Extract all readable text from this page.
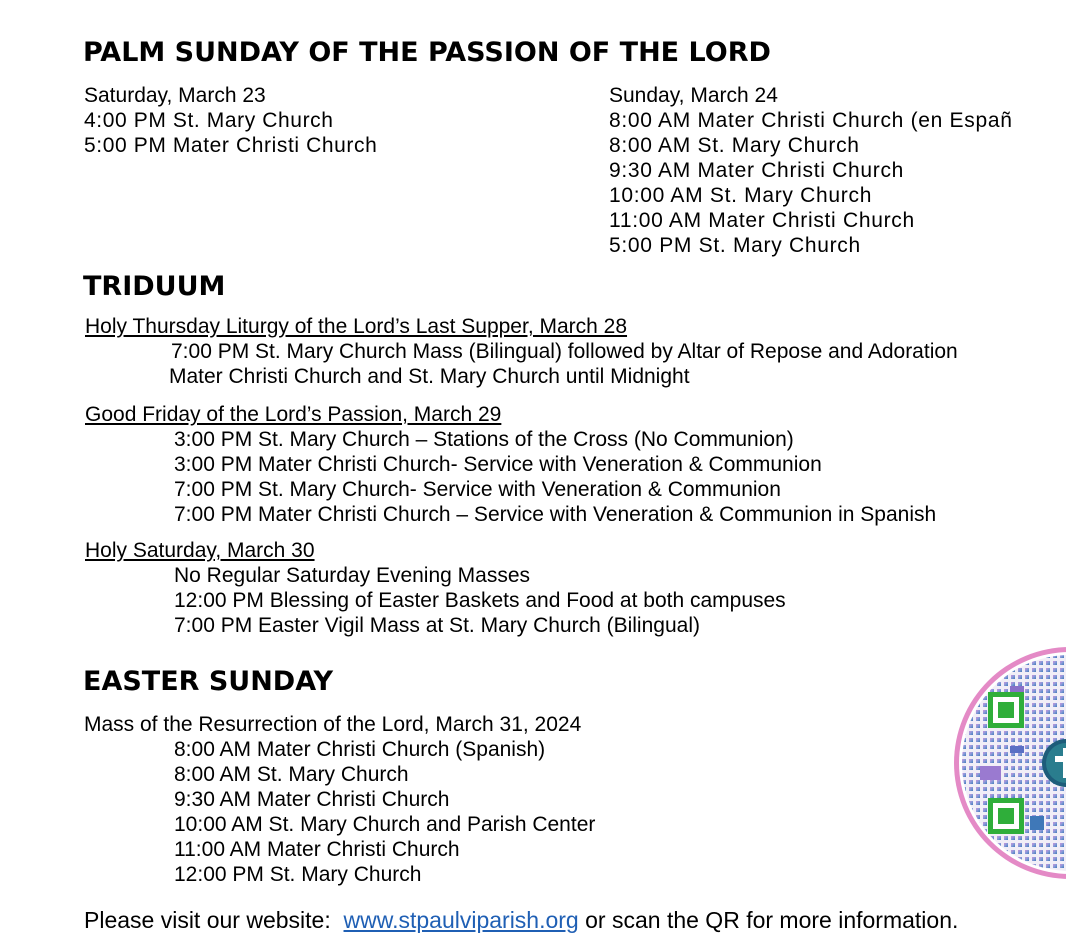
PALM SUNDAY OF THE PASSION OF THE LORD
Saturday, March 23
4:00 PM St. Mary Church
5:00 PM Mater Christi Church
Sunday, March 24
8:00 AM Mater Christi Church (en Españ
8:00 AM St. Mary Church
9:30 AM Mater Christi Church
10:00 AM St. Mary Church
11:00 AM Mater Christi Church
5:00 PM St. Mary Church
TRIDUUM
Holy Thursday Liturgy of the Lord’s Last Supper, March 28
7:00 PM St. Mary Church Mass (Bilingual) followed by Altar of Repose and Adoration
Mater Christi Church and St. Mary Church until Midnight
Good Friday of the Lord’s Passion, March 29
3:00 PM St. Mary Church – Stations of the Cross (No Communion)
3:00 PM Mater Christi Church- Service with Veneration & Communion
7:00 PM St. Mary Church- Service with Veneration & Communion
7:00 PM Mater Christi Church – Service with Veneration & Communion in Spanish
Holy Saturday, March 30
No Regular Saturday Evening Masses
12:00 PM Blessing of Easter Baskets and Food at both campuses
7:00 PM Easter Vigil Mass at St. Mary Church (Bilingual)
EASTER SUNDAY
Mass of the Resurrection of the Lord, March 31, 2024
8:00 AM Mater Christi Church (Spanish)
8:00 AM St. Mary Church
9:30 AM Mater Christi Church
10:00 AM St. Mary Church and Parish Center
11:00 AM Mater Christi Church
12:00 PM St. Mary Church
Please visit our website: www.stpaulviparish.org or scan the QR for more information.
